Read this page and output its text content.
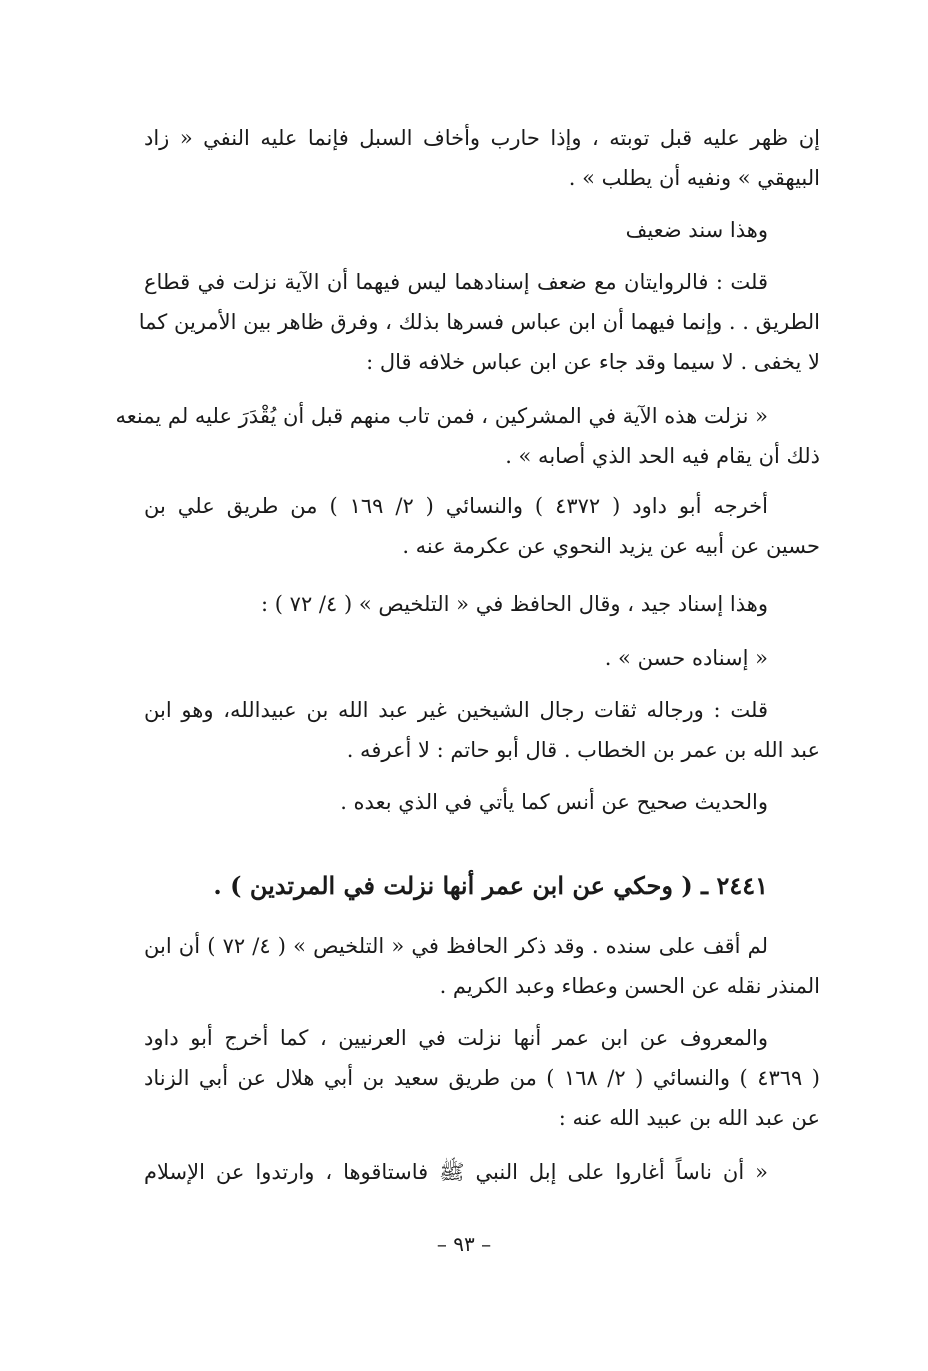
إن ظهر عليه قبل توبته ، وإذا حارب وأخاف السبل فإنما عليه النفي « زاد
البيهقي » ونفيه أن يطلب » .
وهذا سند ضعيف
قلت : فالروايتان مع ضعف إسنادهما ليس فيهما أن الآية نزلت في قطاع
الطريق . . وإنما فيهما أن ابن عباس فسرها بذلك ، وفرق ظاهر بين الأمرين كما
لا يخفى . لا سيما وقد جاء عن ابن عباس خلافه قال :
« نزلت هذه الآية في المشركين ، فمن تاب منهم قبل أن يُقْدَرَ عليه لم يمنعه
ذلك أن يقام فيه الحد الذي أصابه » .
أخرجه أبو داود ( ٤٣٧٢ ) والنسائي ( ٢/ ١٦٩ ) من طريق علي بن
حسين عن أبيه عن يزيد النحوي عن عكرمة عنه .
وهذا إسناد جيد ، وقال الحافظ في « التلخيص » ( ٤/ ٧٢ ) :
« إسناده حسن » .
قلت : ورجاله ثقات رجال الشيخين غير عبد الله بن عبيدالله، وهو ابن
عبد الله بن عمر بن الخطاب . قال أبو حاتم : لا أعرفه .
والحديث صحيح عن أنس كما يأتي في الذي بعده .
٢٤٤١ ـ ( وحكي عن ابن عمر أنها نزلت في المرتدين ) .
لم أقف على سنده . وقد ذكر الحافظ في « التلخيص » ( ٤/ ٧٢ ) أن ابن
المنذر نقله عن الحسن وعطاء وعبد الكريم .
والمعروف عن ابن عمر أنها نزلت في العرنيين ، كما أخرج أبو داود
( ٤٣٦٩ ) والنسائي ( ٢/ ١٦٨ ) من طريق سعيد بن أبي هلال عن أبي الزناد
عن عبد الله بن عبيد الله عنه :
« أن ناساً أغاروا على إبل النبي ﷺ فاستاقوها ، وارتدوا عن الإسلام
– ٩٣ –
